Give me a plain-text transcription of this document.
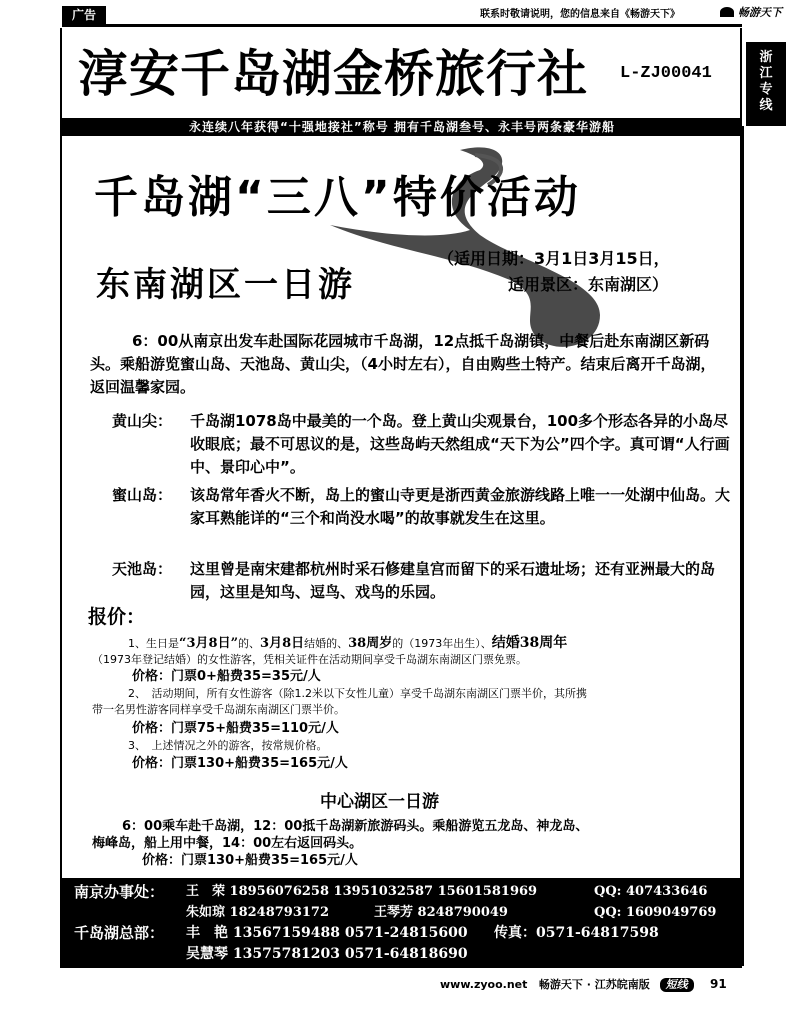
广告	联系时敬请说明，您的信息来自《畅游天下》	畅游天下
浙江专线
淳安千岛湖金桥旅行社 L-ZJ00041
永连续八年获得“十强地接社”称号 拥有千岛湖叁号、永丰号两条豪华游船
千岛湖“三八”特价活动
东南湖区一日游
（适用日期：3月1日3月15日，
适用景区：东南湖区）
6：00从南京出发车赴国际花园城市千岛湖，12点抵千岛湖镇，中餐后赴东南湖区新码头。乘船游览蜜山岛、天池岛、黄山尖，（4小时左右），自由购些土特产。结束后离开千岛湖，返回温馨家园。
黄山尖：	千岛湖1078岛中最美的一个岛。登上黄山尖观景台，100多个形态各异的小岛尽收眼底；最不可思议的是，这些岛屿天然组成“天下为公”四个字。真可谓“人行画中、景印心中”。
蜜山岛：	该岛常年香火不断，岛上的蜜山寺更是浙西黄金旅游线路上唯一一处湖中仙岛。大家耳熟能详的“三个和尚没水喝”的故事就发生在这里。
天池岛：	这里曾是南宋建都杭州时采石修建皇宫而留下的采石遗址场；还有亚洲最大的岛园，这里是知鸟、逗鸟、戏鸟的乐园。
报价：
1、生日是“3月8日”的、3月8日结婚的、38周岁的（1973年出生）、结婚38周年
（1973年登记结婚）的女性游客，凭相关证件在活动期间享受千岛湖东南湖区门票免票。
价格：门票0+船费35=35元/人
2、　活动期间，所有女性游客（除1.2米以下女性儿童）享受千岛湖东南湖区门票半价，其所携
带一名男性游客同样享受千岛湖东南湖区门票半价。
价格：门票75+船费35=110元/人
3、　上述情况之外的游客，按常规价格。
价格：门票130+船费35=165元/人
中心湖区一日游
6：00乘车赴千岛湖，12：00抵千岛湖新旅游码头。乘船游览五龙岛、神龙岛、
梅峰岛，船上用中餐，14：00左右返回码头。
价格：门票130+船费35=165元/人
南京办事处： 王　荣 18956076258 13951032587 15601581969	QQ: 407433646
朱如琼 18248793172	王琴芳 8248790049	QQ: 1609049769
千岛湖总部： 丰　艳 13567159488 0571-24815600 传真：0571-64817598
吴慧琴 13575781203 0571-64818690
www.zyoo.net 畅游天下 · 江苏皖南版 短线	91
